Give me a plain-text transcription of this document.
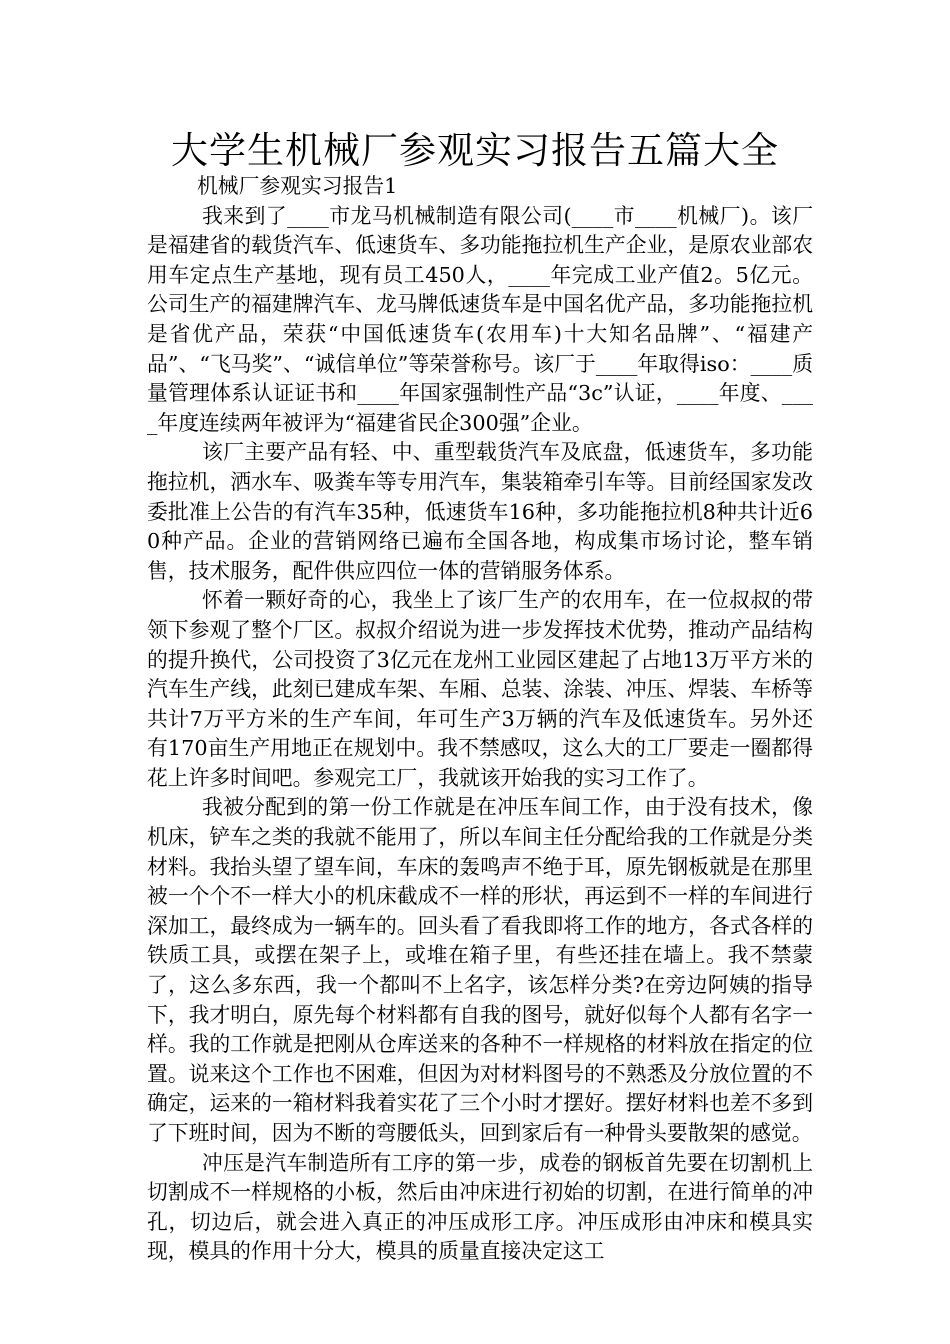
大学生机械厂参观实习报告五篇大全

机械厂参观实习报告1

我来到了____市龙马机械制造有限公司(____市____机械厂)。该厂是福建省的载货汽车、低速货车、多功能拖拉机生产企业，是原农业部农用车定点生产基地，现有员工450人，____年完成工业产值2。5亿元。公司生产的福建牌汽车、龙马牌低速货车是中国名优产品，多功能拖拉机是省优产品，荣获“中国低速货车(农用车)十大知名品牌”、“福建产品”、“飞马奖”、“诚信单位”等荣誉称号。该厂于____年取得iso：____质量管理体系认证证书和____年国家强制性产品“3c”认证，____年度、____年度连续两年被评为“福建省民企300强”企业。

该厂主要产品有轻、中、重型载货汽车及底盘，低速货车，多功能拖拉机，洒水车、吸粪车等专用汽车，集装箱牵引车等。目前经国家发改委批准上公告的有汽车35种，低速货车16种，多功能拖拉机8种共计近60种产品。企业的营销网络已遍布全国各地，构成集市场讨论，整车销售，技术服务，配件供应四位一体的营销服务体系。

怀着一颗好奇的心，我坐上了该厂生产的农用车，在一位叔叔的带领下参观了整个厂区。叔叔介绍说为进一步发挥技术优势，推动产品结构的提升换代，公司投资了3亿元在龙州工业园区建起了占地13万平方米的汽车生产线，此刻已建成车架、车厢、总装、涂装、冲压、焊装、车桥等共计7万平方米的生产车间，年可生产3万辆的汽车及低速货车。另外还有170亩生产用地正在规划中。我不禁感叹，这么大的工厂要走一圈都得花上许多时间吧。参观完工厂，我就该开始我的实习工作了。

我被分配到的第一份工作就是在冲压车间工作，由于没有技术，像机床，铲车之类的我就不能用了，所以车间主任分配给我的工作就是分类材料。我抬头望了望车间，车床的轰鸣声不绝于耳，原先钢板就是在那里被一个个不一样大小的机床截成不一样的形状，再运到不一样的车间进行深加工，最终成为一辆车的。回头看了看我即将工作的地方，各式各样的铁质工具，或摆在架子上，或堆在箱子里，有些还挂在墙上。我不禁蒙了，这么多东西，我一个都叫不上名字，该怎样分类?在旁边阿姨的指导下，我才明白，原先每个材料都有自我的图号，就好似每个人都有名字一样。我的工作就是把刚从仓库送来的各种不一样规格的材料放在指定的位置。说来这个工作也不困难，但因为对材料图号的不熟悉及分放位置的不确定，运来的一箱材料我着实花了三个小时才摆好。摆好材料也差不多到了下班时间，因为不断的弯腰低头，回到家后有一种骨头要散架的感觉。

冲压是汽车制造所有工序的第一步，成卷的钢板首先要在切割机上切割成不一样规格的小板，然后由冲床进行初始的切割，在进行简单的冲孔，切边后，就会进入真正的冲压成形工序。冲压成形由冲床和模具实现，模具的作用十分大，模具的质量直接决定这工
